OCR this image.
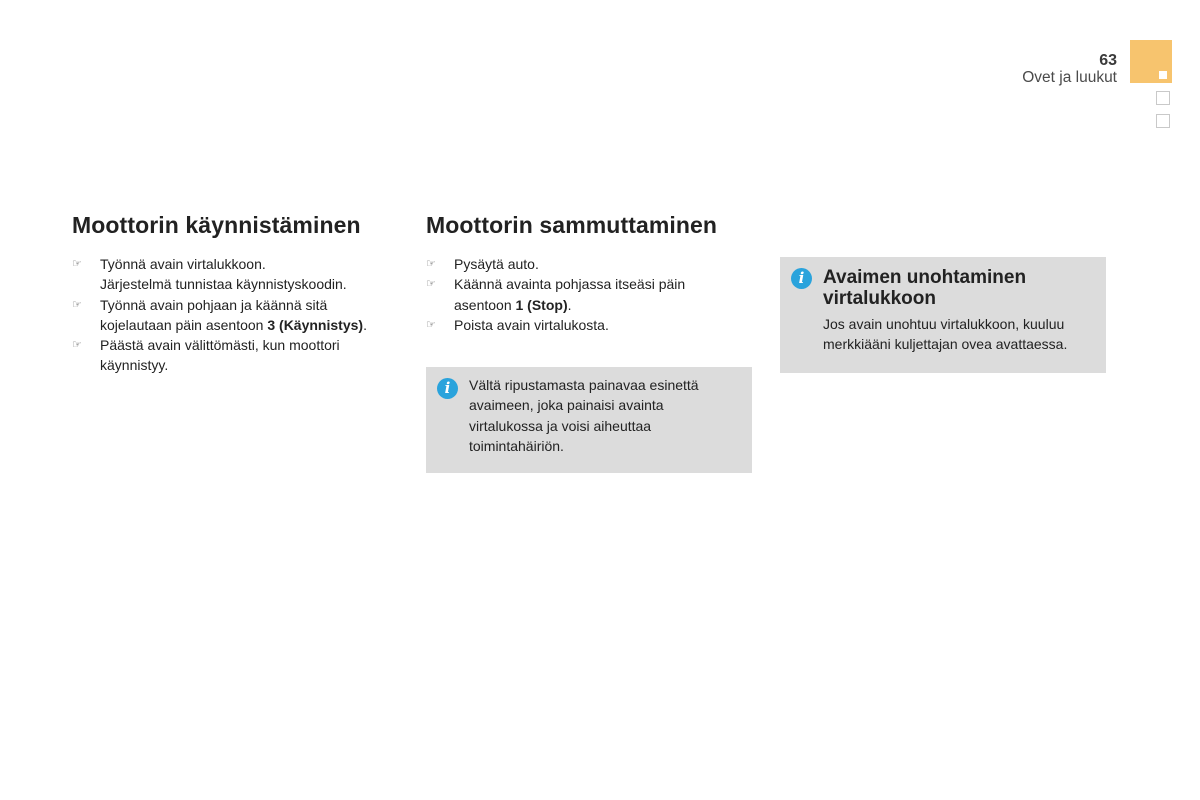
63
Ovet ja luukut
Moottorin käynnistäminen
☞ Työnnä avain virtalukkoon.
Järjestelmä tunnistaa käynnistyskoodin.
☞ Työnnä avain pohjaan ja käännä sitä kojelautaan päin asentoon 3 (Käynnistys).
☞ Päästä avain välittömästi, kun moottori käynnistyy.
Moottorin sammuttaminen
☞ Pysäytä auto.
☞ Käännä avainta pohjassa itseäsi päin asentoon 1 (Stop).
☞ Poista avain virtalukosta.
i	Vältä ripustamasta painavaa esinettä avaimeen, joka painaisi avainta virtalukossa ja voisi aiheuttaa toimintahäiriön.
i Avaimen unohtaminen virtalukkoon
Jos avain unohtuu virtalukkoon, kuuluu merkkiääni kuljettajan ovea avattaessa.
